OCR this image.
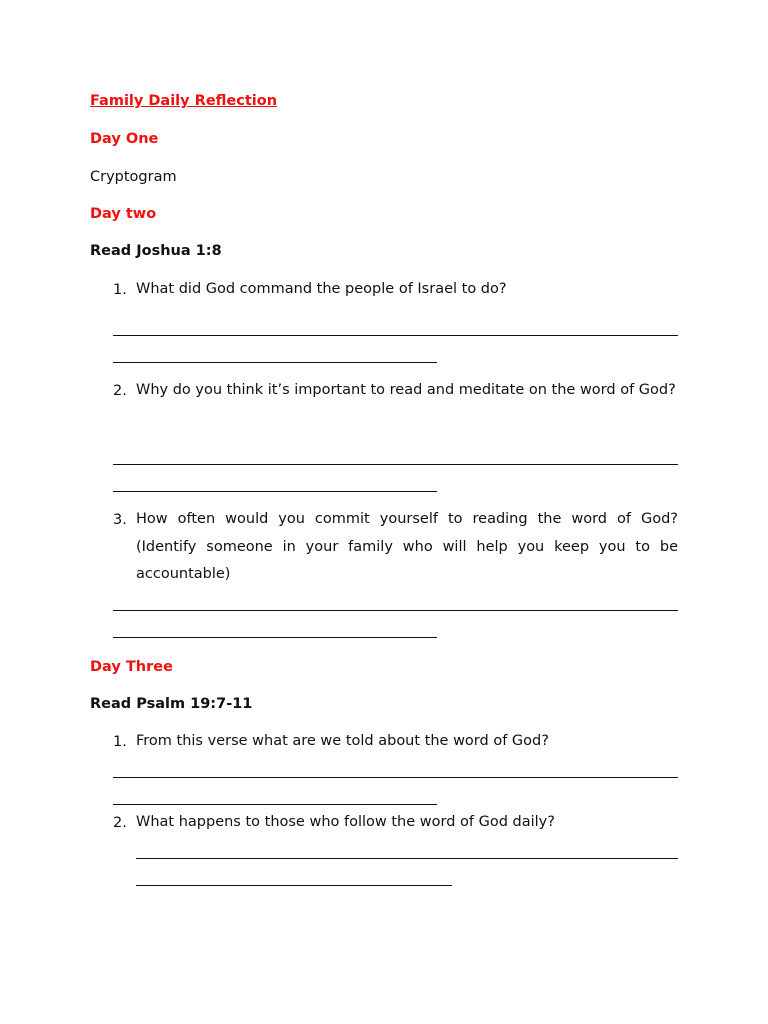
Family Daily Reflection
Day One
Cryptogram
Day two
Read Joshua 1:8
1. What did God command the people of Israel to do?
2. Why do you think it’s important to read and meditate on the word of God?
3. How often would you commit yourself to reading the word of God? (Identify someone in your family who will help you keep you to be accountable)
Day Three
Read Psalm 19:7-11
1. From this verse what are we told about the word of God?
2. What happens to those who follow the word of God daily?
